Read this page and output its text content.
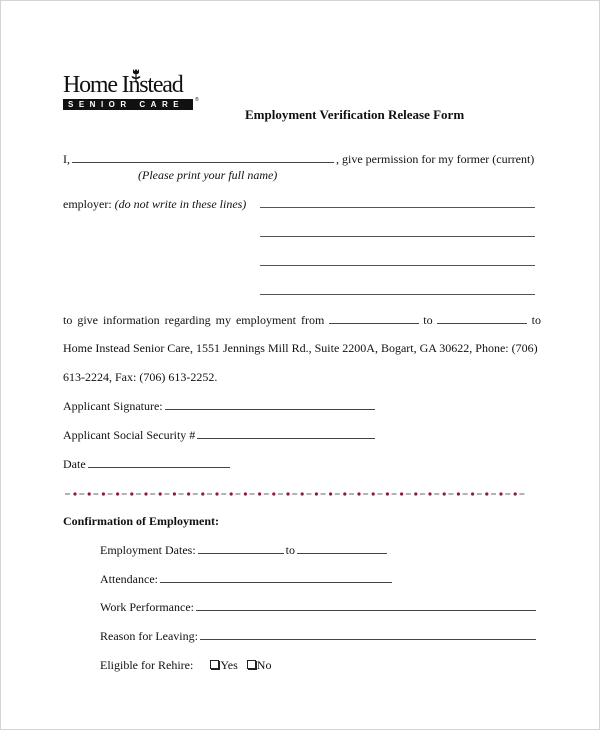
Home Instead
SENIOR CARE	®
Employment Verification Release Form
I,	, give permission for my former (current)
(Please print your full name)
employer: (do not write in these lines)
to give information regarding my employment from	to	to
Home Instead Senior Care, 1551 Jennings Mill Rd., Suite 2200A, Bogart, GA 30622, Phone: (706)
613-2224, Fax: (706) 613-2252.
Applicant Signature:
Applicant Social Security #
Date
Confirmation of Employment:
Employment Dates:	to
Attendance:
Work Performance:
Reason for Leaving:
Eligible for Rehire: Yes No
